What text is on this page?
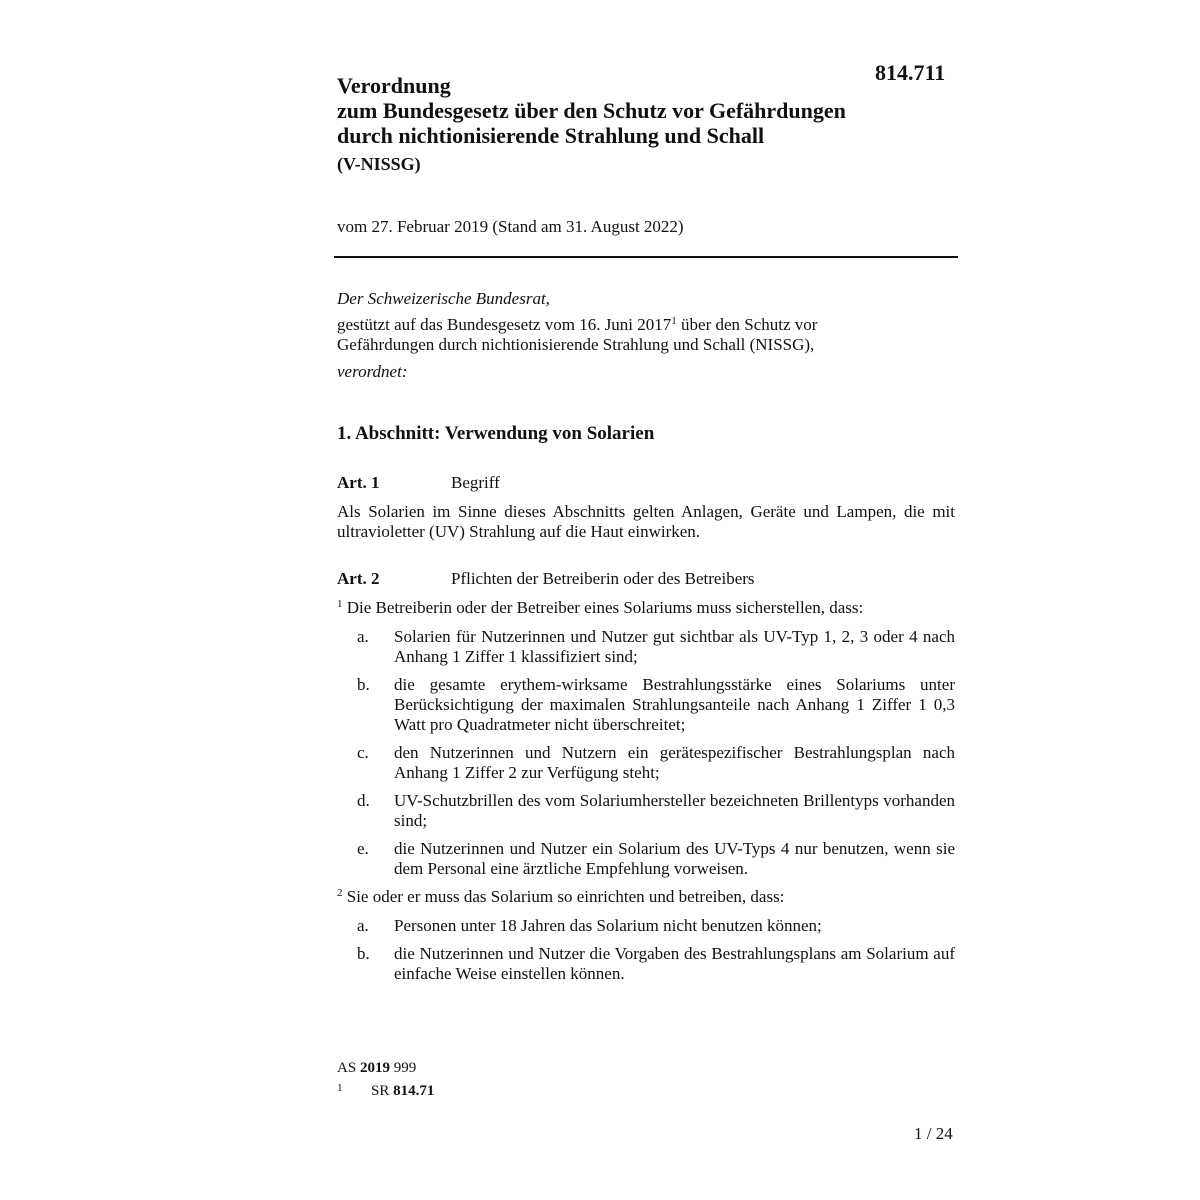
814.711
Verordnung
zum Bundesgesetz über den Schutz vor Gefährdungen
durch nichtionisierende Strahlung und Schall
(V-NISSG)
vom 27. Februar 2019 (Stand am 31. August 2022)
Der Schweizerische Bundesrat,
gestützt auf das Bundesgesetz vom 16. Juni 2017$^1$ über den Schutz vor Gefährdungen durch nichtionisierende Strahlung und Schall (NISSG),
verordnet:
1. Abschnitt: Verwendung von Solarien
Art. 1	Begriff
Als Solarien im Sinne dieses Abschnitts gelten Anlagen, Geräte und Lampen, die mit ultravioletter (UV) Strahlung auf die Haut einwirken.
Art. 2	Pflichten der Betreiberin oder des Betreibers
$^1$ Die Betreiberin oder der Betreiber eines Solariums muss sicherstellen, dass:
a. Solarien für Nutzerinnen und Nutzer gut sichtbar als UV-Typ 1, 2, 3 oder 4 nach Anhang 1 Ziffer 1 klassifiziert sind;
b. die gesamte erythem-wirksame Bestrahlungsstärke eines Solariums unter Berücksichtigung der maximalen Strahlungsanteile nach Anhang 1 Ziffer 1 0,3 Watt pro Quadratmeter nicht überschreitet;
c. den Nutzerinnen und Nutzern ein gerätespezifischer Bestrahlungsplan nach Anhang 1 Ziffer 2 zur Verfügung steht;
d. UV-Schutzbrillen des vom Solariumhersteller bezeichneten Brillentyps vorhanden sind;
e. die Nutzerinnen und Nutzer ein Solarium des UV-Typs 4 nur benutzen, wenn sie dem Personal eine ärztliche Empfehlung vorweisen.
$^2$ Sie oder er muss das Solarium so einrichten und betreiben, dass:
a. Personen unter 18 Jahren das Solarium nicht benutzen können;
b. die Nutzerinnen und Nutzer die Vorgaben des Bestrahlungsplans am Solarium auf einfache Weise einstellen können.
AS 2019 999
1 SR 814.71
1 / 24
